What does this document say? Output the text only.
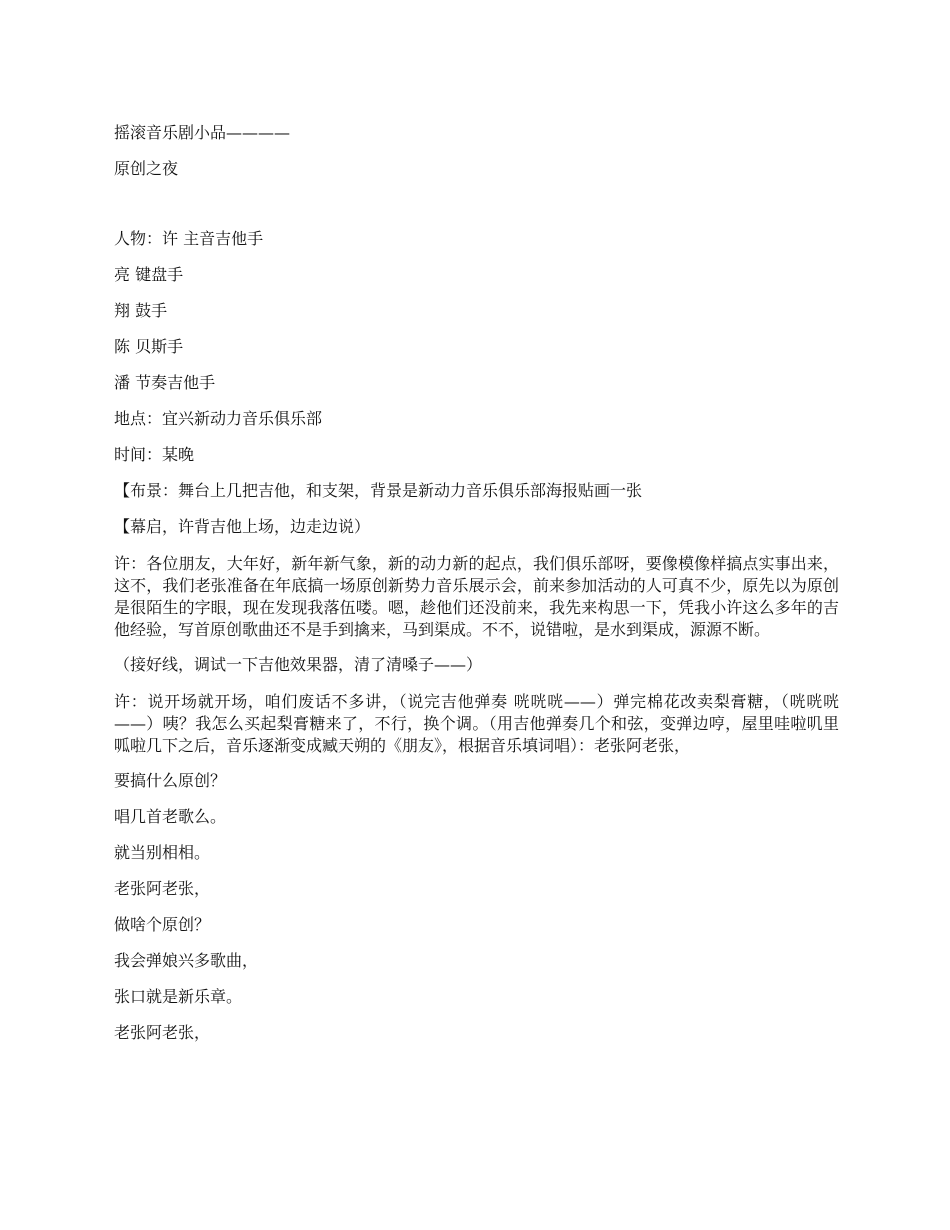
摇滚音乐剧小品————
原创之夜
人物：许 主音吉他手
亮 键盘手
翔 鼓手
陈 贝斯手
潘 节奏吉他手
地点：宜兴新动力音乐俱乐部
时间：某晚
【布景：舞台上几把吉他，和支架，背景是新动力音乐俱乐部海报贴画一张
【幕启，许背吉他上场，边走边说）
许：各位朋友，大年好，新年新气象，新的动力新的起点，我们俱乐部呀，要像模像样搞点实事出来，这不，我们老张准备在年底搞一场原创新势力音乐展示会，前来参加活动的人可真不少，原先以为原创是很陌生的字眼，现在发现我落伍喽。嗯，趁他们还没前来，我先来构思一下，凭我小许这么多年的吉他经验，写首原创歌曲还不是手到擒来，马到渠成。不不，说错啦，是水到渠成，源源不断。
（接好线，调试一下吉他效果器，清了清嗓子——）
许：说开场就开场，咱们废话不多讲，（说完吉他弹奏 咣咣咣——）弹完棉花改卖梨膏糖，（咣咣咣——）咦？我怎么买起梨膏糖来了，不行，换个调。（用吉他弹奏几个和弦，变弹边哼，屋里哇啦叽里呱啦几下之后，音乐逐渐变成臧天朔的《朋友》，根据音乐填词唱）：老张阿老张，
要搞什么原创？
唱几首老歌么。
就当别相相。
老张阿老张，
做啥个原创？
我会弹娘兴多歌曲，
张口就是新乐章。
老张阿老张，
